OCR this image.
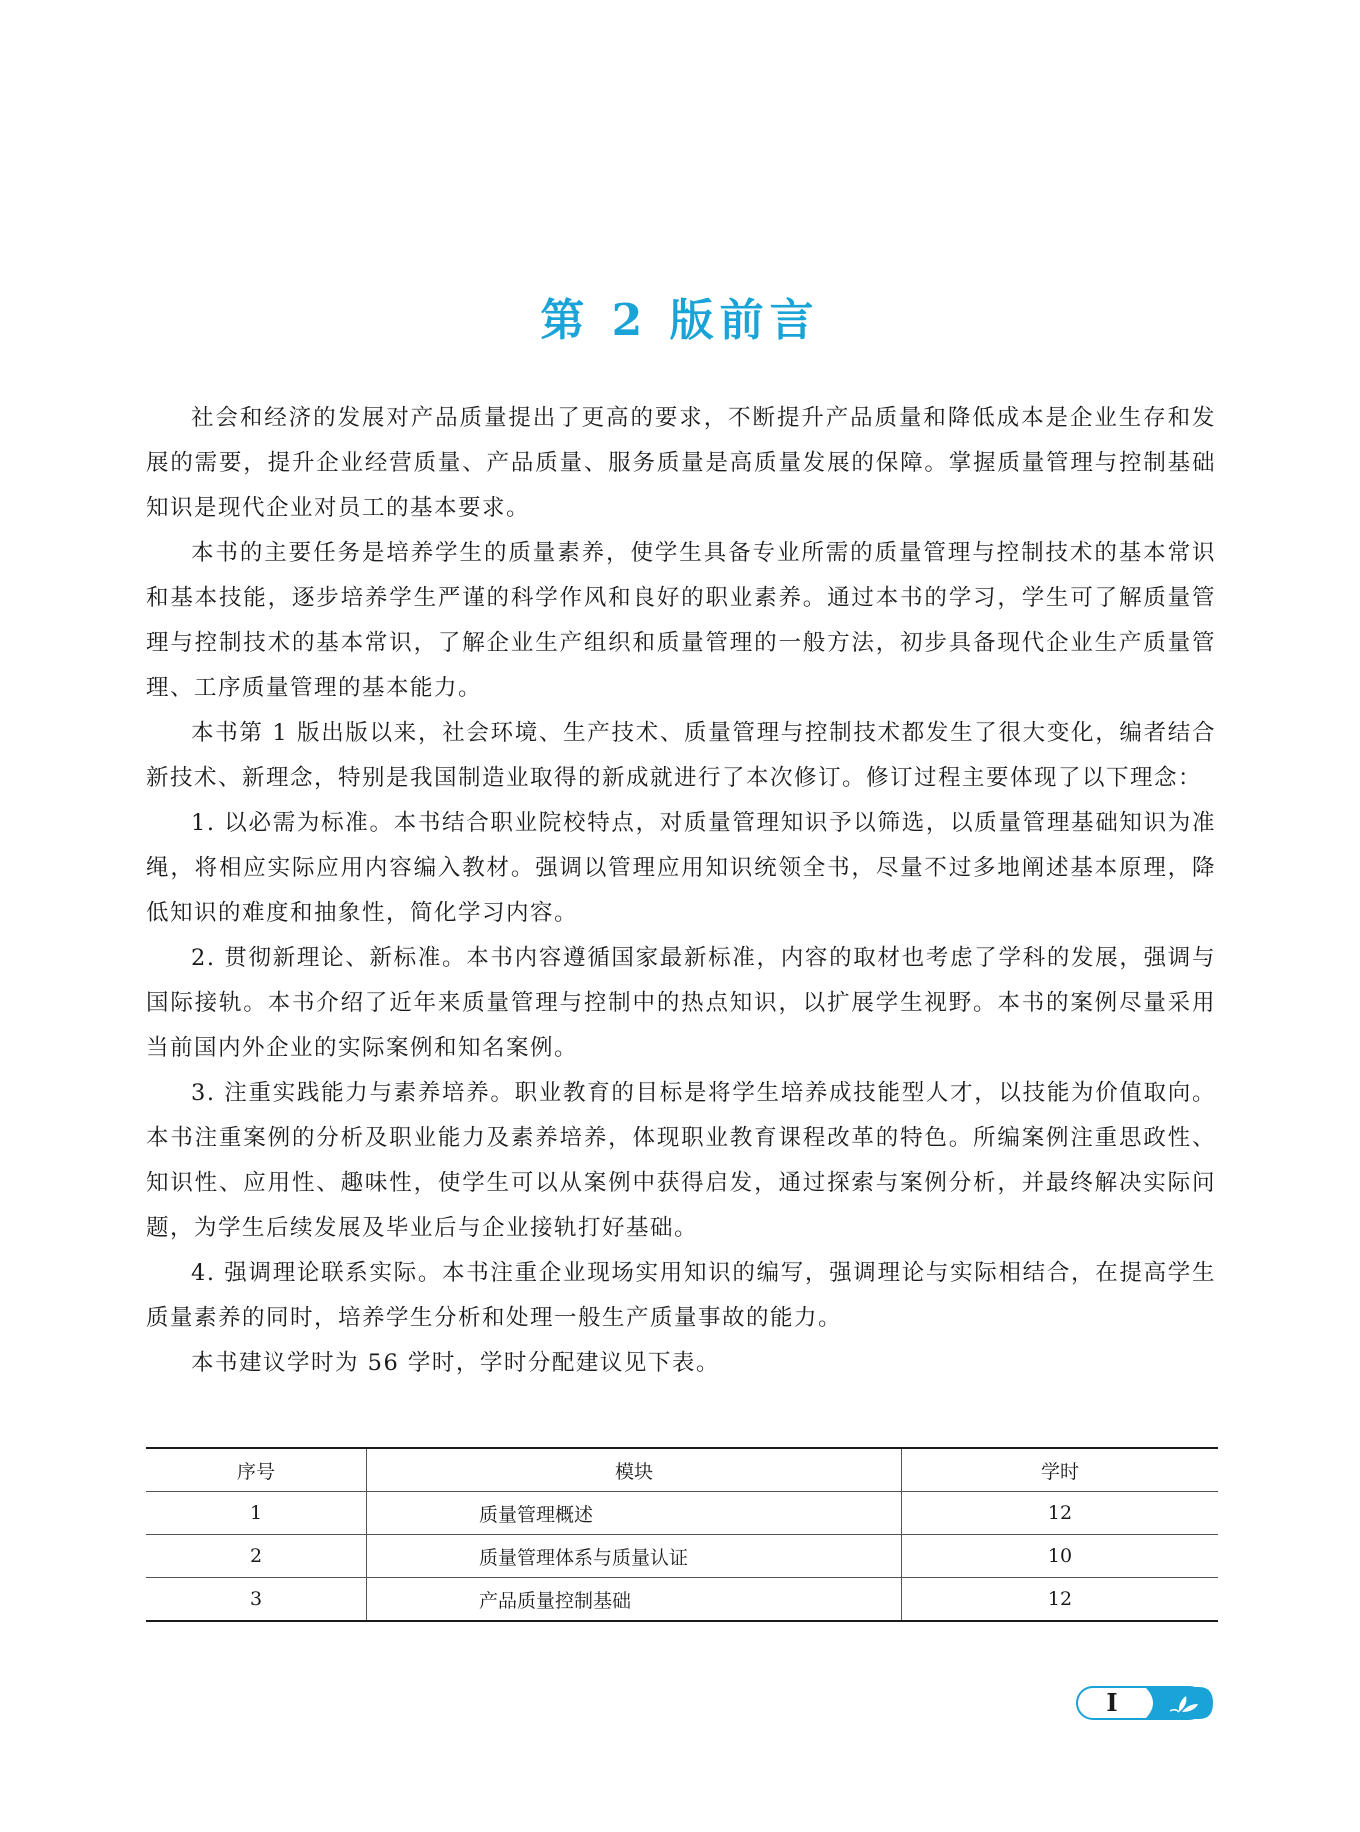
第 2 版前言

社会和经济的发展对产品质量提出了更高的要求，不断提升产品质量和降低成本是企业生存和发展的需要，提升企业经营质量、产品质量、服务质量是高质量发展的保障。掌握质量管理与控制基础知识是现代企业对员工的基本要求。

本书的主要任务是培养学生的质量素养，使学生具备专业所需的质量管理与控制技术的基本常识和基本技能，逐步培养学生严谨的科学作风和良好的职业素养。通过本书的学习，学生可了解质量管理与控制技术的基本常识，了解企业生产组织和质量管理的一般方法，初步具备现代企业生产质量管理、工序质量管理的基本能力。

本书第 1 版出版以来，社会环境、生产技术、质量管理与控制技术都发生了很大变化，编者结合新技术、新理念，特别是我国制造业取得的新成就进行了本次修订。修订过程主要体现了以下理念：

1. 以必需为标准。本书结合职业院校特点，对质量管理知识予以筛选，以质量管理基础知识为准绳，将相应实际应用内容编入教材。强调以管理应用知识统领全书，尽量不过多地阐述基本原理，降低知识的难度和抽象性，简化学习内容。

2. 贯彻新理论、新标准。本书内容遵循国家最新标准，内容的取材也考虑了学科的发展，强调与国际接轨。本书介绍了近年来质量管理与控制中的热点知识，以扩展学生视野。本书的案例尽量采用当前国内外企业的实际案例和知名案例。

3. 注重实践能力与素养培养。职业教育的目标是将学生培养成技能型人才，以技能为价值取向。本书注重案例的分析及职业能力及素养培养，体现职业教育课程改革的特色。所编案例注重思政性、知识性、应用性、趣味性，使学生可以从案例中获得启发，通过探索与案例分析，并最终解决实际问题，为学生后续发展及毕业后与企业接轨打好基础。

4. 强调理论联系实际。本书注重企业现场实用知识的编写，强调理论与实际相结合，在提高学生质量素养的同时，培养学生分析和处理一般生产质量事故的能力。

本书建议学时为 56 学时，学时分配建议见下表。

序号	模块	学时
1	质量管理概述	12
2	质量管理体系与质量认证	10
3	产品质量控制基础	12
I
